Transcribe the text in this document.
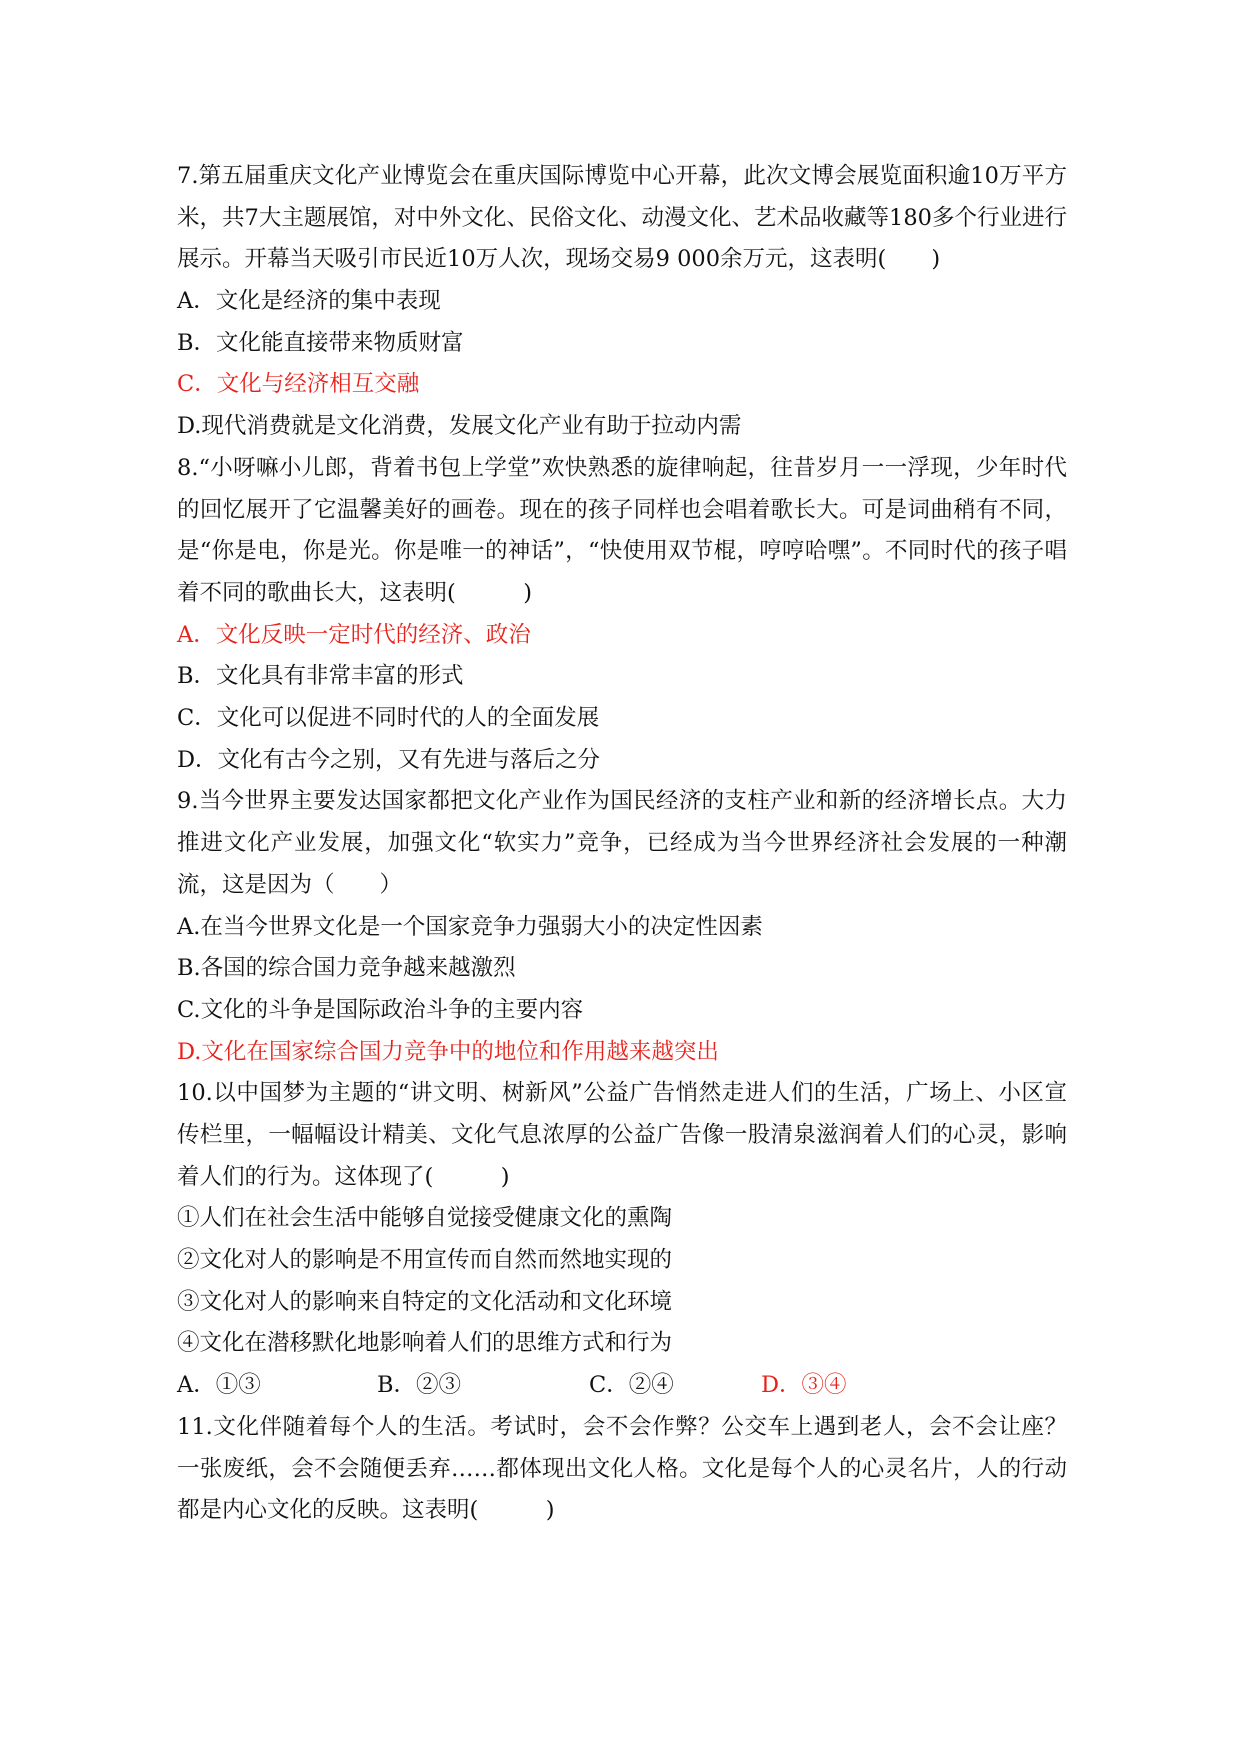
7.第五届重庆文化产业博览会在重庆国际博览中心开幕，此次文博会展览面积逾10万平方米，共7大主题展馆，对中外文化、民俗文化、动漫文化、艺术品收藏等180多个行业进行展示。开幕当天吸引市民近10万人次，现场交易9 000余万元，这表明(　　)

A．文化是经济的集中表现
B．文化能直接带来物质财富
C．文化与经济相互交融
D.现代消费就是文化消费，发展文化产业有助于拉动内需

8.“小呀嘛小儿郎，背着书包上学堂”欢快熟悉的旋律响起，往昔岁月一一浮现，少年时代的回忆展开了它温馨美好的画卷。现在的孩子同样也会唱着歌长大。可是词曲稍有不同，是“你是电，你是光。你是唯一的神话”，“快使用双节棍，哼哼哈嘿”。不同时代的孩子唱着不同的歌曲长大，这表明(　　　)

A．文化反映一定时代的经济、政治
B．文化具有非常丰富的形式
C．文化可以促进不同时代的人的全面发展
D．文化有古今之别，又有先进与落后之分

9.当今世界主要发达国家都把文化产业作为国民经济的支柱产业和新的经济增长点。大力推进文化产业发展，加强文化“软实力”竞争，已经成为当今世界经济社会发展的一种潮流，这是因为（　　）

A.在当今世界文化是一个国家竞争力强弱大小的决定性因素
B.各国的综合国力竞争越来越激烈
C.文化的斗争是国际政治斗争的主要内容
D.文化在国家综合国力竞争中的地位和作用越来越突出

10.以中国梦为主题的“讲文明、树新风”公益广告悄然走进人们的生活，广场上、小区宣传栏里，一幅幅设计精美、文化气息浓厚的公益广告像一股清泉滋润着人们的心灵，影响着人们的行为。这体现了(　　　)

①人们在社会生活中能够自觉接受健康文化的熏陶
②文化对人的影响是不用宣传而自然而然地实现的
③文化对人的影响来自特定的文化活动和文化环境
④文化在潜移默化地影响着人们的思维方式和行为
A．①③	B．②③	C．②④	D．③④

11.文化伴随着每个人的生活。考试时，会不会作弊？公交车上遇到老人，会不会让座？ 一张废纸，会不会随便丢弃……都体现出文化人格。文化是每个人的心灵名片，人的行动都是内心文化的反映。这表明(　　　)
